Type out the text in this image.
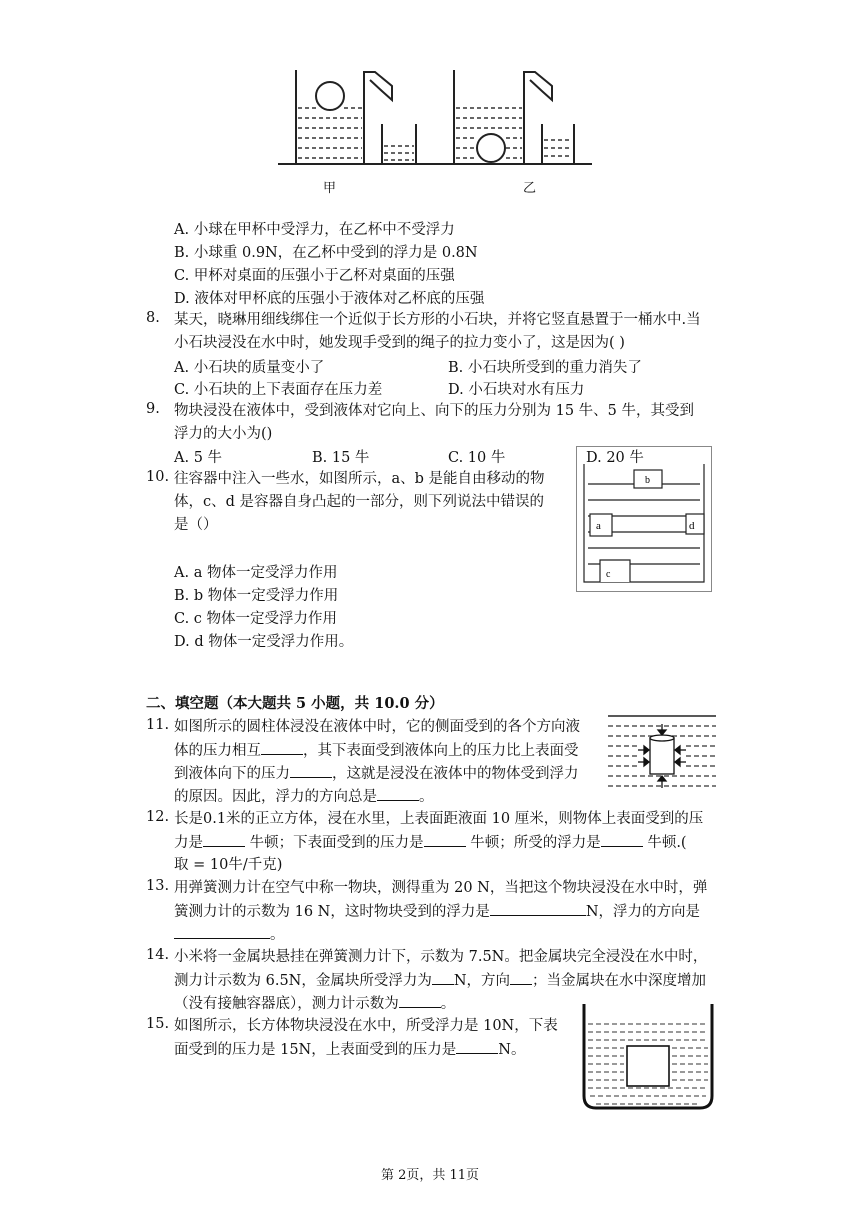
甲	乙
A. 小球在甲杯中受浮力，在乙杯中不受浮力
B. 小球重 0.9N，在乙杯中受到的浮力是 0.8N
C. 甲杯对桌面的压强小于乙杯对桌面的压强
D. 液体对甲杯底的压强小于液体对乙杯底的压强
8. 某天，晓琳用细线绑住一个近似于长方形的小石块，并将它竖直悬置于一桶水中.当
小石块浸没在水中时，她发现手受到的绳子的拉力变小了，这是因为( )
A. 小石块的质量变小了	B. 小石块所受到的重力消失了
C. 小石块的上下表面存在压力差	D. 小石块对水有压力
9. 物块浸没在液体中，受到液体对它向上、向下的压力分别为 15 牛、5 牛，其受到
浮力的大小为()
A. 5 牛	B. 15 牛	C. 10 牛	D. 20 牛
10. 往容器中注入一些水，如图所示，a、b 是能自由移动的物
体，c、d 是容器自身凸起的一部分，则下列说法中错误的
是（）
A. a 物体一定受浮力作用
B. b 物体一定受浮力作用
C. c 物体一定受浮力作用
D. d 物体一定受浮力作用。
b
a	d
c
二、填空题（本大题共 5 小题，共 10.0 分）
11. 如图所示的圆柱体浸没在液体中时，它的侧面受到的各个方向液
体的压力相互	，其下表面受到液体向上的压力比上表面受
到液体向下的压力	，这就是浸没在液体中的物体受到浮力
的原因。因此，浮力的方向总是	。
12. 长是0.1米的正立方体，浸在水里，上表面距液面 10 厘米，则物体上表面受到的压
力是	牛顿；下表面受到的压力是	牛顿；所受的浮力是	牛顿.(
取 = 10牛/千克)
13. 用弹簧测力计在空气中称一物块，测得重为 20 N，当把这个物块浸没在水中时，弹
簧测力计的示数为 16 N，这时物块受到的浮力是	N，浮力的方向是
。
14. 小米将一金属块悬挂在弹簧测力计下，示数为 7.5N。把金属块完全浸没在水中时，
测力计示数为 6.5N，金属块所受浮力为 N，方向 ；当金属块在水中深度增加
（没有接触容器底），测力计示数为	。
15. 如图所示，长方体物块浸没在水中，所受浮力是 10N，下表
面受到的压力是 15N，上表面受到的压力是	N。
第 2页，共 11页
